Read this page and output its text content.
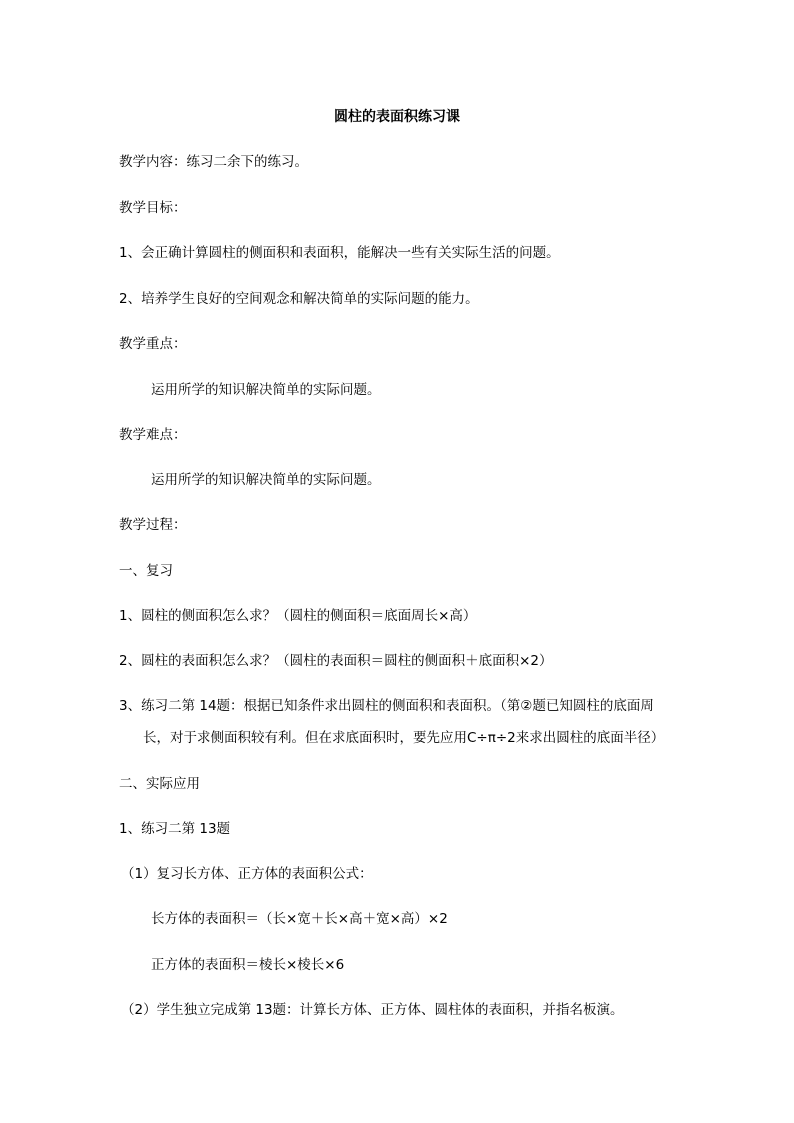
圆柱的表面积练习课
教学内容：练习二余下的练习。
教学目标：
1、会正确计算圆柱的侧面积和表面积，能解决一些有关实际生活的问题。
2、培养学生良好的空间观念和解决简单的实际问题的能力。
教学重点：
运用所学的知识解决简单的实际问题。
教学难点：
运用所学的知识解决简单的实际问题。
教学过程：
一、复习
1、圆柱的侧面积怎么求？（圆柱的侧面积＝底面周长×高）
2、圆柱的表面积怎么求？（圆柱的表面积＝圆柱的侧面积＋底面积×2）
3、练习二第 14题：根据已知条件求出圆柱的侧面积和表面积。（第②题已知圆柱的底面周
长，对于求侧面积较有利。但在求底面积时，要先应用C÷π÷2来求出圆柱的底面半径）
二、实际应用
1、练习二第 13题
（1）复习长方体、正方体的表面积公式：
长方体的表面积＝（长×宽＋长×高＋宽×高）×2
正方体的表面积＝棱长×棱长×6
（2）学生独立完成第 13题：计算长方体、正方体、圆柱体的表面积，并指名板演。
